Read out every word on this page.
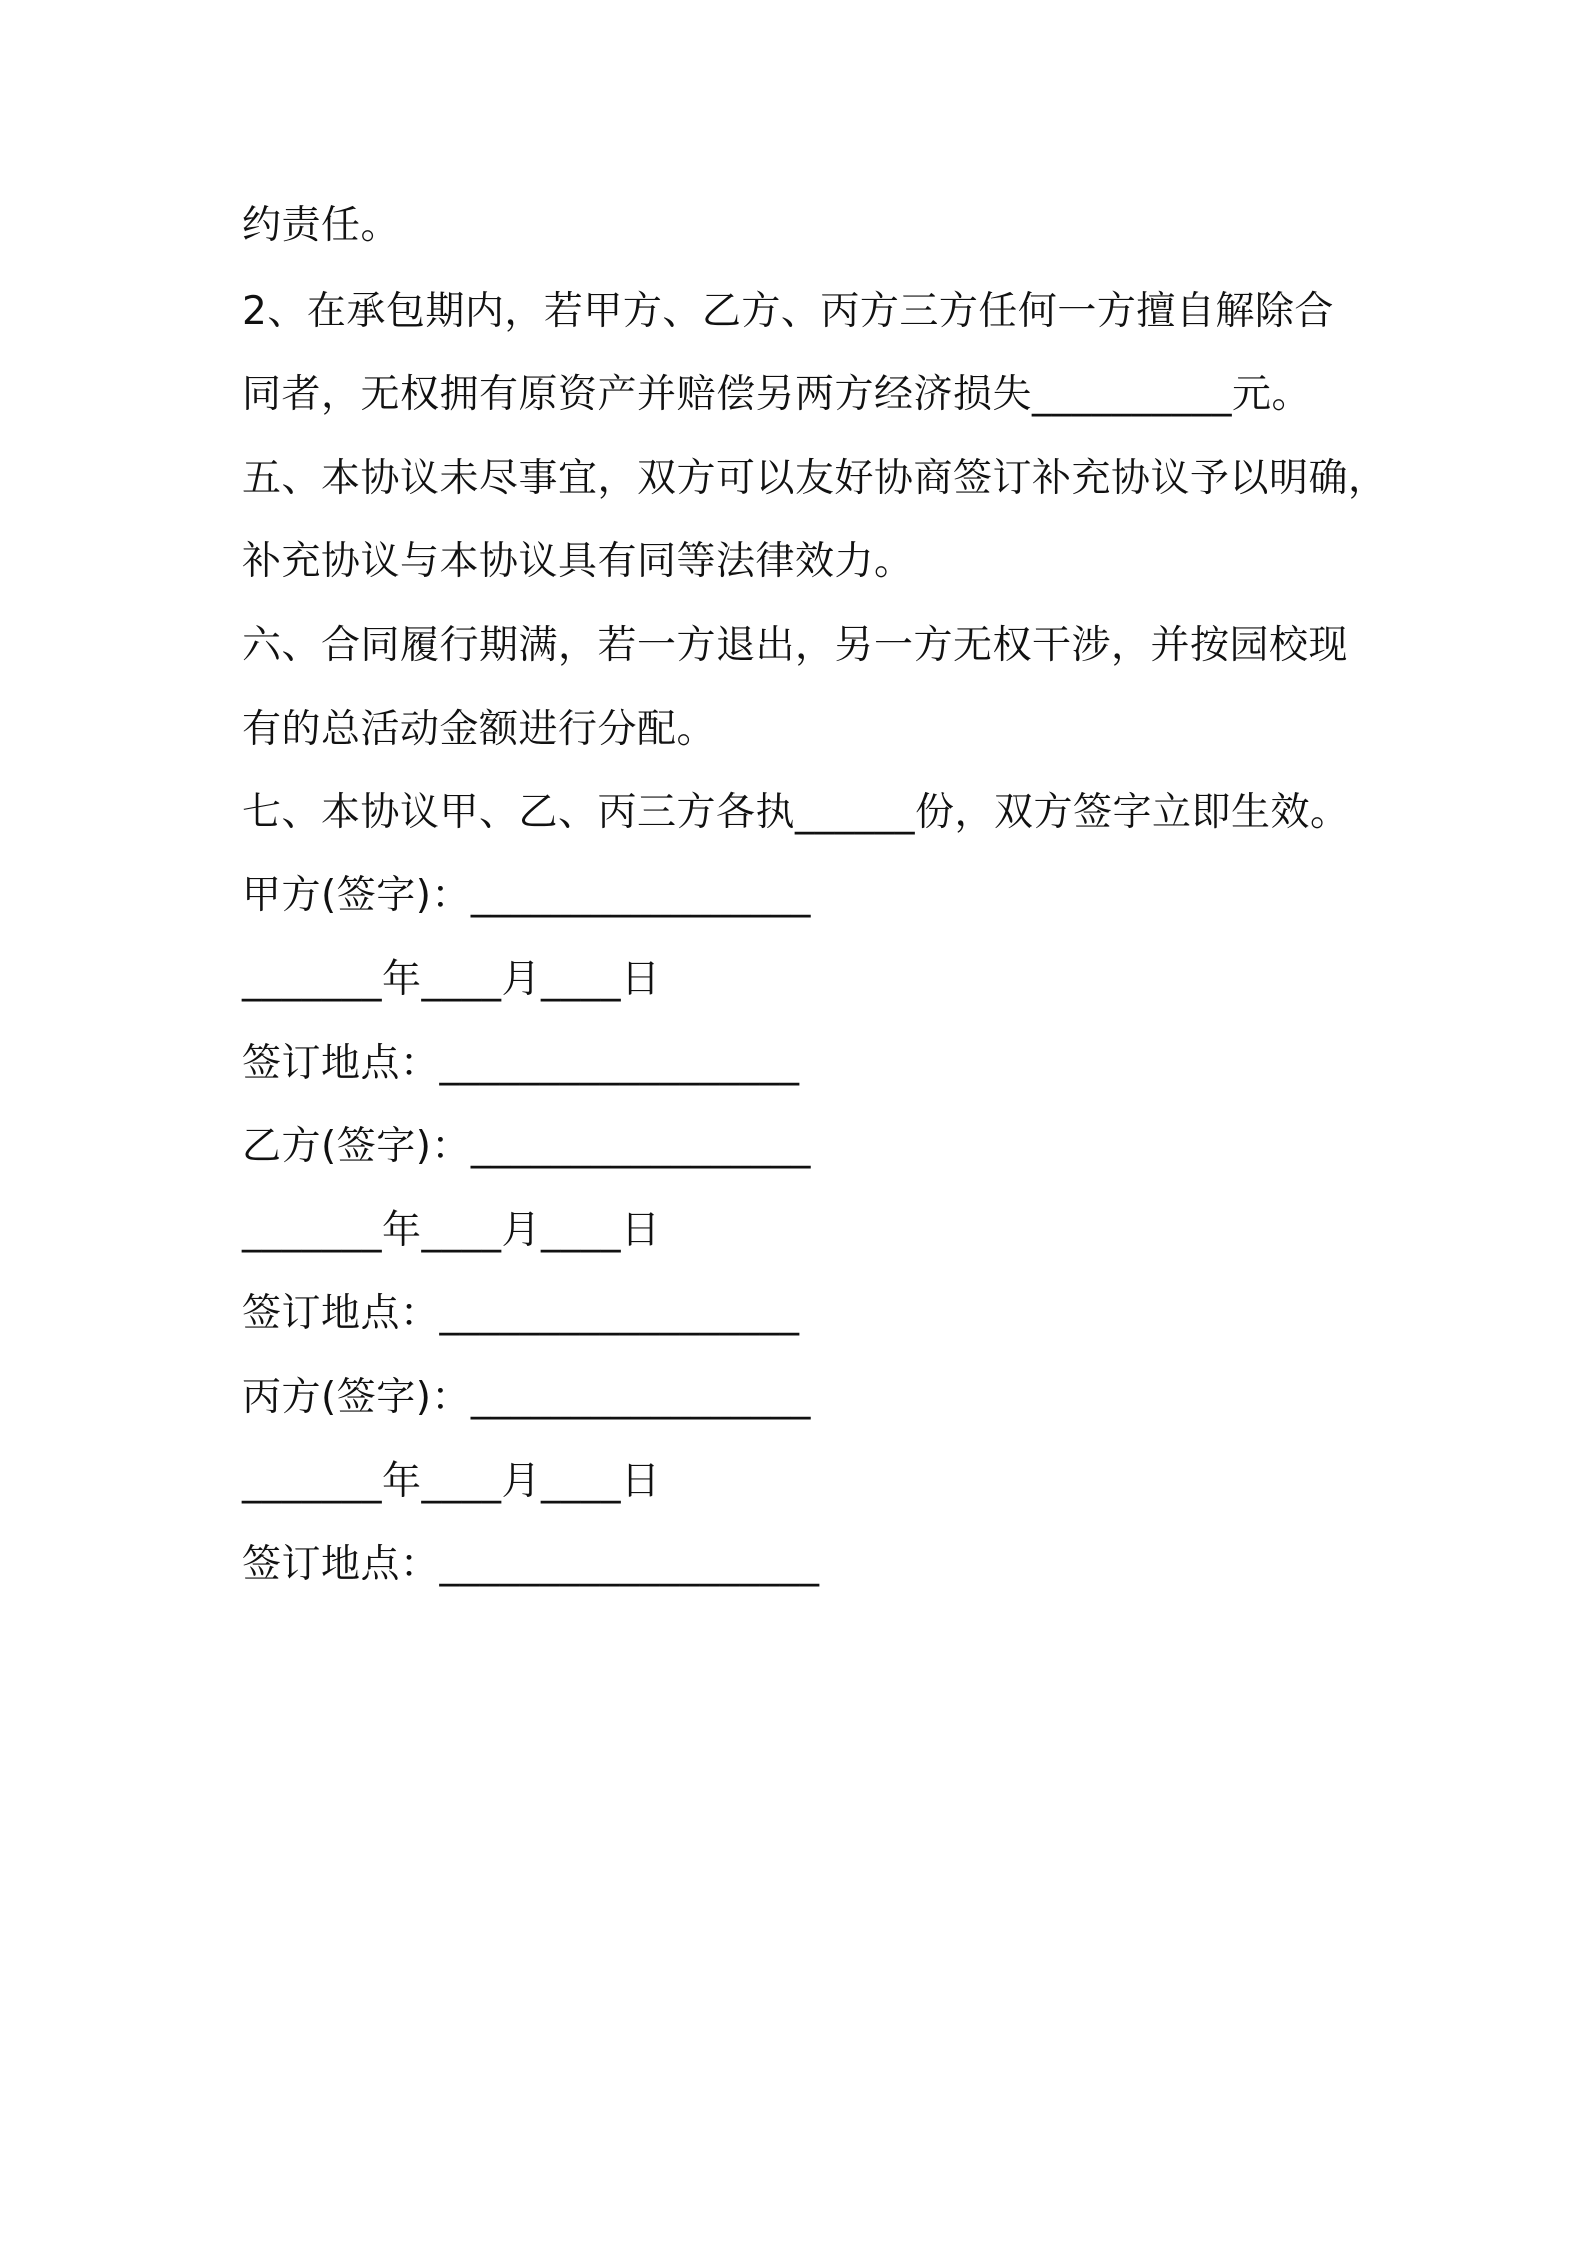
约责任。
2、在承包期内，若甲方、乙方、丙方三方任何一方擅自解除合
同者，无权拥有原资产并赔偿另两方经济损失__________元。
五、本协议未尽事宜，双方可以友好协商签订补充协议予以明确，
补充协议与本协议具有同等法律效力。
六、合同履行期满，若一方退出，另一方无权干涉，并按园校现
有的总活动金额进行分配。
七、本协议甲、乙、丙三方各执______份，双方签字立即生效。
甲方(签字)：_________________
_______年____月____日
签订地点：__________________
乙方(签字)：_________________
_______年____月____日
签订地点：__________________
丙方(签字)：_________________
_______年____月____日
签订地点：___________________
